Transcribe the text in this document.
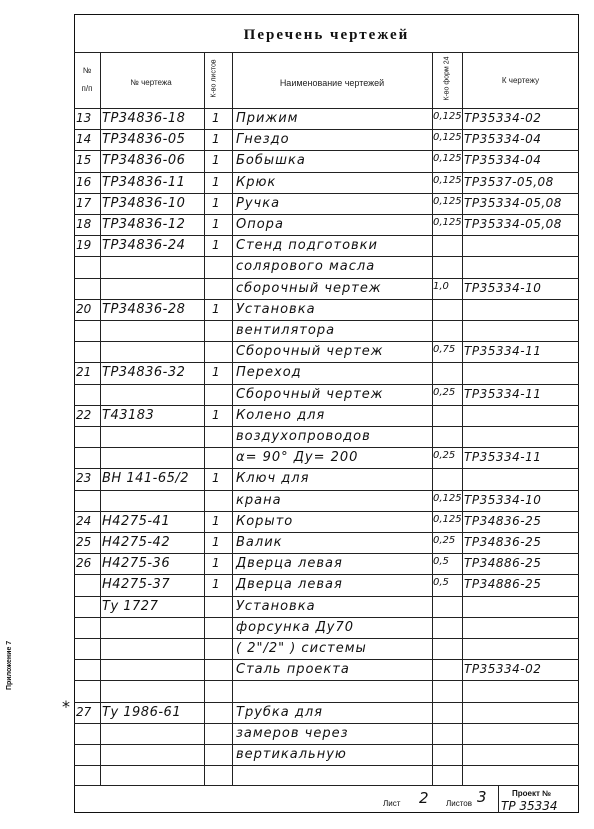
Перечень чертежей
№
п/п
№ чертежа	К-во листов	Наименование чертежей	К-во форм 24	К чертежу
13 ТР34836-18 1 Прижим	0,125 ТР35334-02
14 ТР34836-05 1 Гнездо	0,125 ТР35334-04
15 ТР34836-06 1 Бобышка	0,125 ТР35334-04
16 ТР34836-11 1 Крюк	0,125 ТР3537-05,08
17 ТР34836-10 1 Ручка	0,125 ТР35334-05,08
18 ТР34836-12 1 Опора	0,125 ТР35334-05,08
19 ТР34836-24 1 Стенд подготовки
соляpового масла
сборочный чертеж	1,0 ТР35334-10
20 ТР34836-28 1 Установка
вентилятора
Сборочный чертеж	0,75 ТР35334-11
21 ТР34836-32 1 Переход
Сборочный чертеж	0,25 ТР35334-11
22 Т43183	1 Колено для
воздухопроводов
α= 90° Ду= 200	0,25 ТР35334-11
23 ВН 141-65/2 1 Ключ для
крана	0,125 ТР35334-10
24 Н4275-41	1 Корыто	0,125 ТР34836-25
25 Н4275-42	1 Валик	0,25 ТР34836-25
26 Н4275-36	1 Дверца левая	0,5 ТР34886-25
Н4275-37	1 Дверца левая	0,5 ТР34886-25
Ту 1727	Установка
форсунка Ду70
( 2"/2" ) системы
Сталь проекта	ТР35334-02
27 Ту 1986-61	Трубка для
замеров через
вертикальную
Лист 2 Листов 3	Проект №
ТР 35334
Приложение 7
*
